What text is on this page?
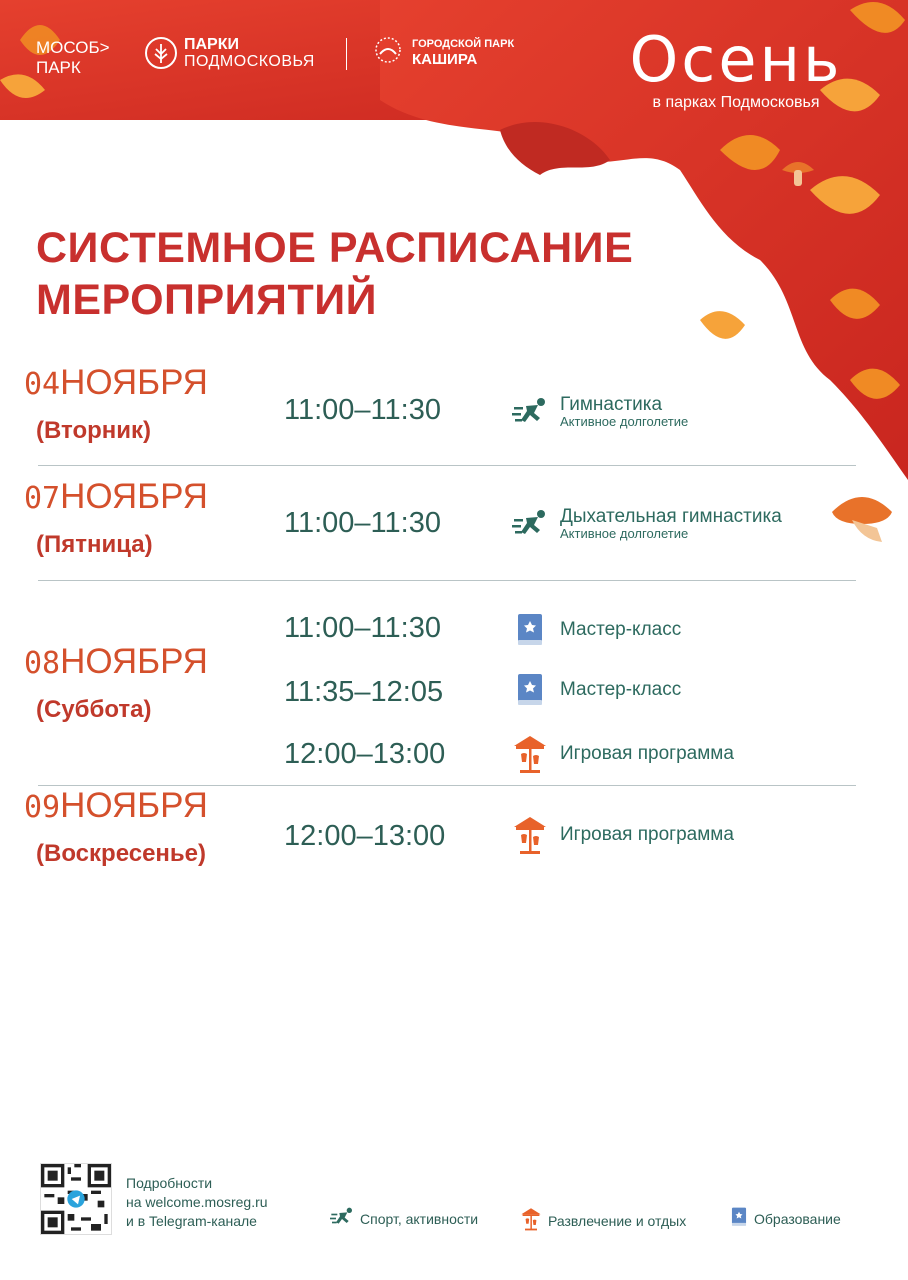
МОСОБ>
ПАРК
ПАРКИ
ПОДМОСКОВЬЯ
ГОРОДСКОЙ ПАРК
КАШИРА	Осень
в парках Подмосковья
СИСТЕМНОЕ РАСПИСАНИЕ
МЕРОПРИЯТИЙ
04НОЯБРЯ
(Вторник)
11:00–11:30	Гимнастика
Активное долголетие
07НОЯБРЯ
(Пятница)
11:00–11:30	Дыхательная гимнастика
Активное долголетие
08НОЯБРЯ
(Суббота)
11:00–11:30	Мастер-класс
11:35–12:05	Мастер-класс
12:00–13:00	Игровая программа
09НОЯБРЯ
(Воскресенье)
12:00–13:00	Игровая программа
Подробности
на welcome.mosreg.ru
и в Telegram-канале	Спорт, активности	Развлечение и отдых	Образование
